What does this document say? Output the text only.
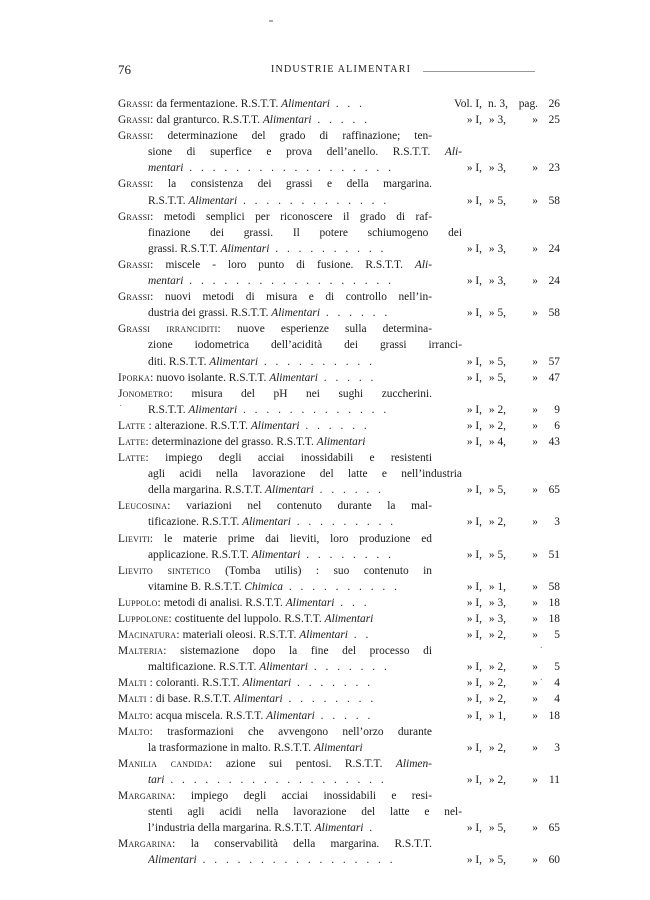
76	INDUSTRIE ALIMENTARI
˙
.
.
Grassi: da fermentazione. R.S.T.T. Alimentari . . .	Vol. I, n. 3, pag. 26
Grassi: dal granturco. R.S.T.T. Alimentari . . . . .	» I, » 3,	» 25
Grassi: determinazione del grado di raffinazione; ten-
sione di superfice e prova dell’anello. R.S.T.T. Ali-
mentari . . . . . . . . . . . . . . . . . .	» I, » 3,	» 23
Grassi: la consistenza dei grassi e della margarina.
R.S.T.T. Alimentari . . . . . . . . . . . . .	» I, » 5,	» 58
Grassi: metodi semplici per riconoscere il grado di raf-
finazione dei grassi. Il potere schiumogeno dei
grassi. R.S.T.T. Alimentari . . . . . . . . . .	» I, » 3,	» 24
Grassi: miscele - loro punto di fusione. R.S.T.T. Ali-
mentari . . . . . . . . . . . . . . . . . .	» I, » 3,	» 24
Grassi: nuovi metodi di misura e di controllo nell’in-
dustria dei grassi. R.S.T.T. Alimentari . . . . . .	» I, » 5,	» 58
Grassi irranciditi: nuove esperienze sulla determina-
zione iodometrica dell’acidità dei grassi irranci-
diti. R.S.T.T. Alimentari . . . . . . . . . .	» I, » 5,	» 57
Iporka: nuovo isolante. R.S.T.T. Alimentari . . . . .	» I, » 5,	» 47
Jonometro: misura del pH nei sughi zuccherini.
R.S.T.T. Alimentari . . . . . . . . . . . . .	» I, » 2,	»	9
Latte : alterazione. R.S.T.T. Alimentari . . . . . .	» I, » 2,	»	6
Latte: determinazione del grasso. R.S.T.T. Alimentari	» I, » 4,	» 43
Latte: impiego degli acciai inossidabili e resistenti
agli acidi nella lavorazione del latte e nell’industria
della margarina. R.S.T.T. Alimentari . . . . . .	» I, » 5,	» 65
Leucosina: variazioni nel contenuto durante la mal-
tificazione. R.S.T.T. Alimentari . . . . . . . . .	» I, » 2,	»	3
Lieviti: le materie prime dai lieviti, loro produzione ed
applicazione. R.S.T.T. Alimentari . . . . . . . .	» I, » 5,	» 51
Lievito sintetico (Tomba utilis) : suo contenuto in
vitamine B. R.S.T.T. Chimica . . . . . . . . . .	» I, » 1,	» 58
Luppolo: metodi di analisi. R.S.T.T. Alimentari . . .	» I, » 3,	» 18
Luppolone: costituente del luppolo. R.S.T.T. Alimentari	» I, » 3,	» 18
Macinatura: materiali oleosi. R.S.T.T. Alimentari . .	» I, » 2,	»	5
Malteria: sistemazione dopo la fine del processo di
maltificazione. R.S.T.T. Alimentari . . . . . . .	» I, » 2,	»	5
Malti : coloranti. R.S.T.T. Alimentari . . . . . . .	» I, » 2,	»	4
Malti : di base. R.S.T.T. Alimentari . . . . . . . .	» I, » 2,	»	4
Malto: acqua miscela. R.S.T.T. Alimentari . . . . .	» I, » 1,	» 18
Malto: trasformazioni che avvengono nell’orzo durante
la trasformazione in malto. R.S.T.T. Alimentari	» I, » 2,	»	3
Manilia candida: azione sui pentosi. R.S.T.T. Alimen-
tari . . . . . . . . . . . . . . . . . . .	» I, » 2,	» 11
Margarina: impiego degli acciai inossidabili e resi-
stenti agli acidi nella lavorazione del latte e nel-
l’industria della margarina. R.S.T.T. Alimentari .	» I, » 5,	» 65
Margarina: la conservabilità della margarina. R.S.T.T.
Alimentari . . . . . . . . . . . . . . . . .	» I, » 5,	» 60
